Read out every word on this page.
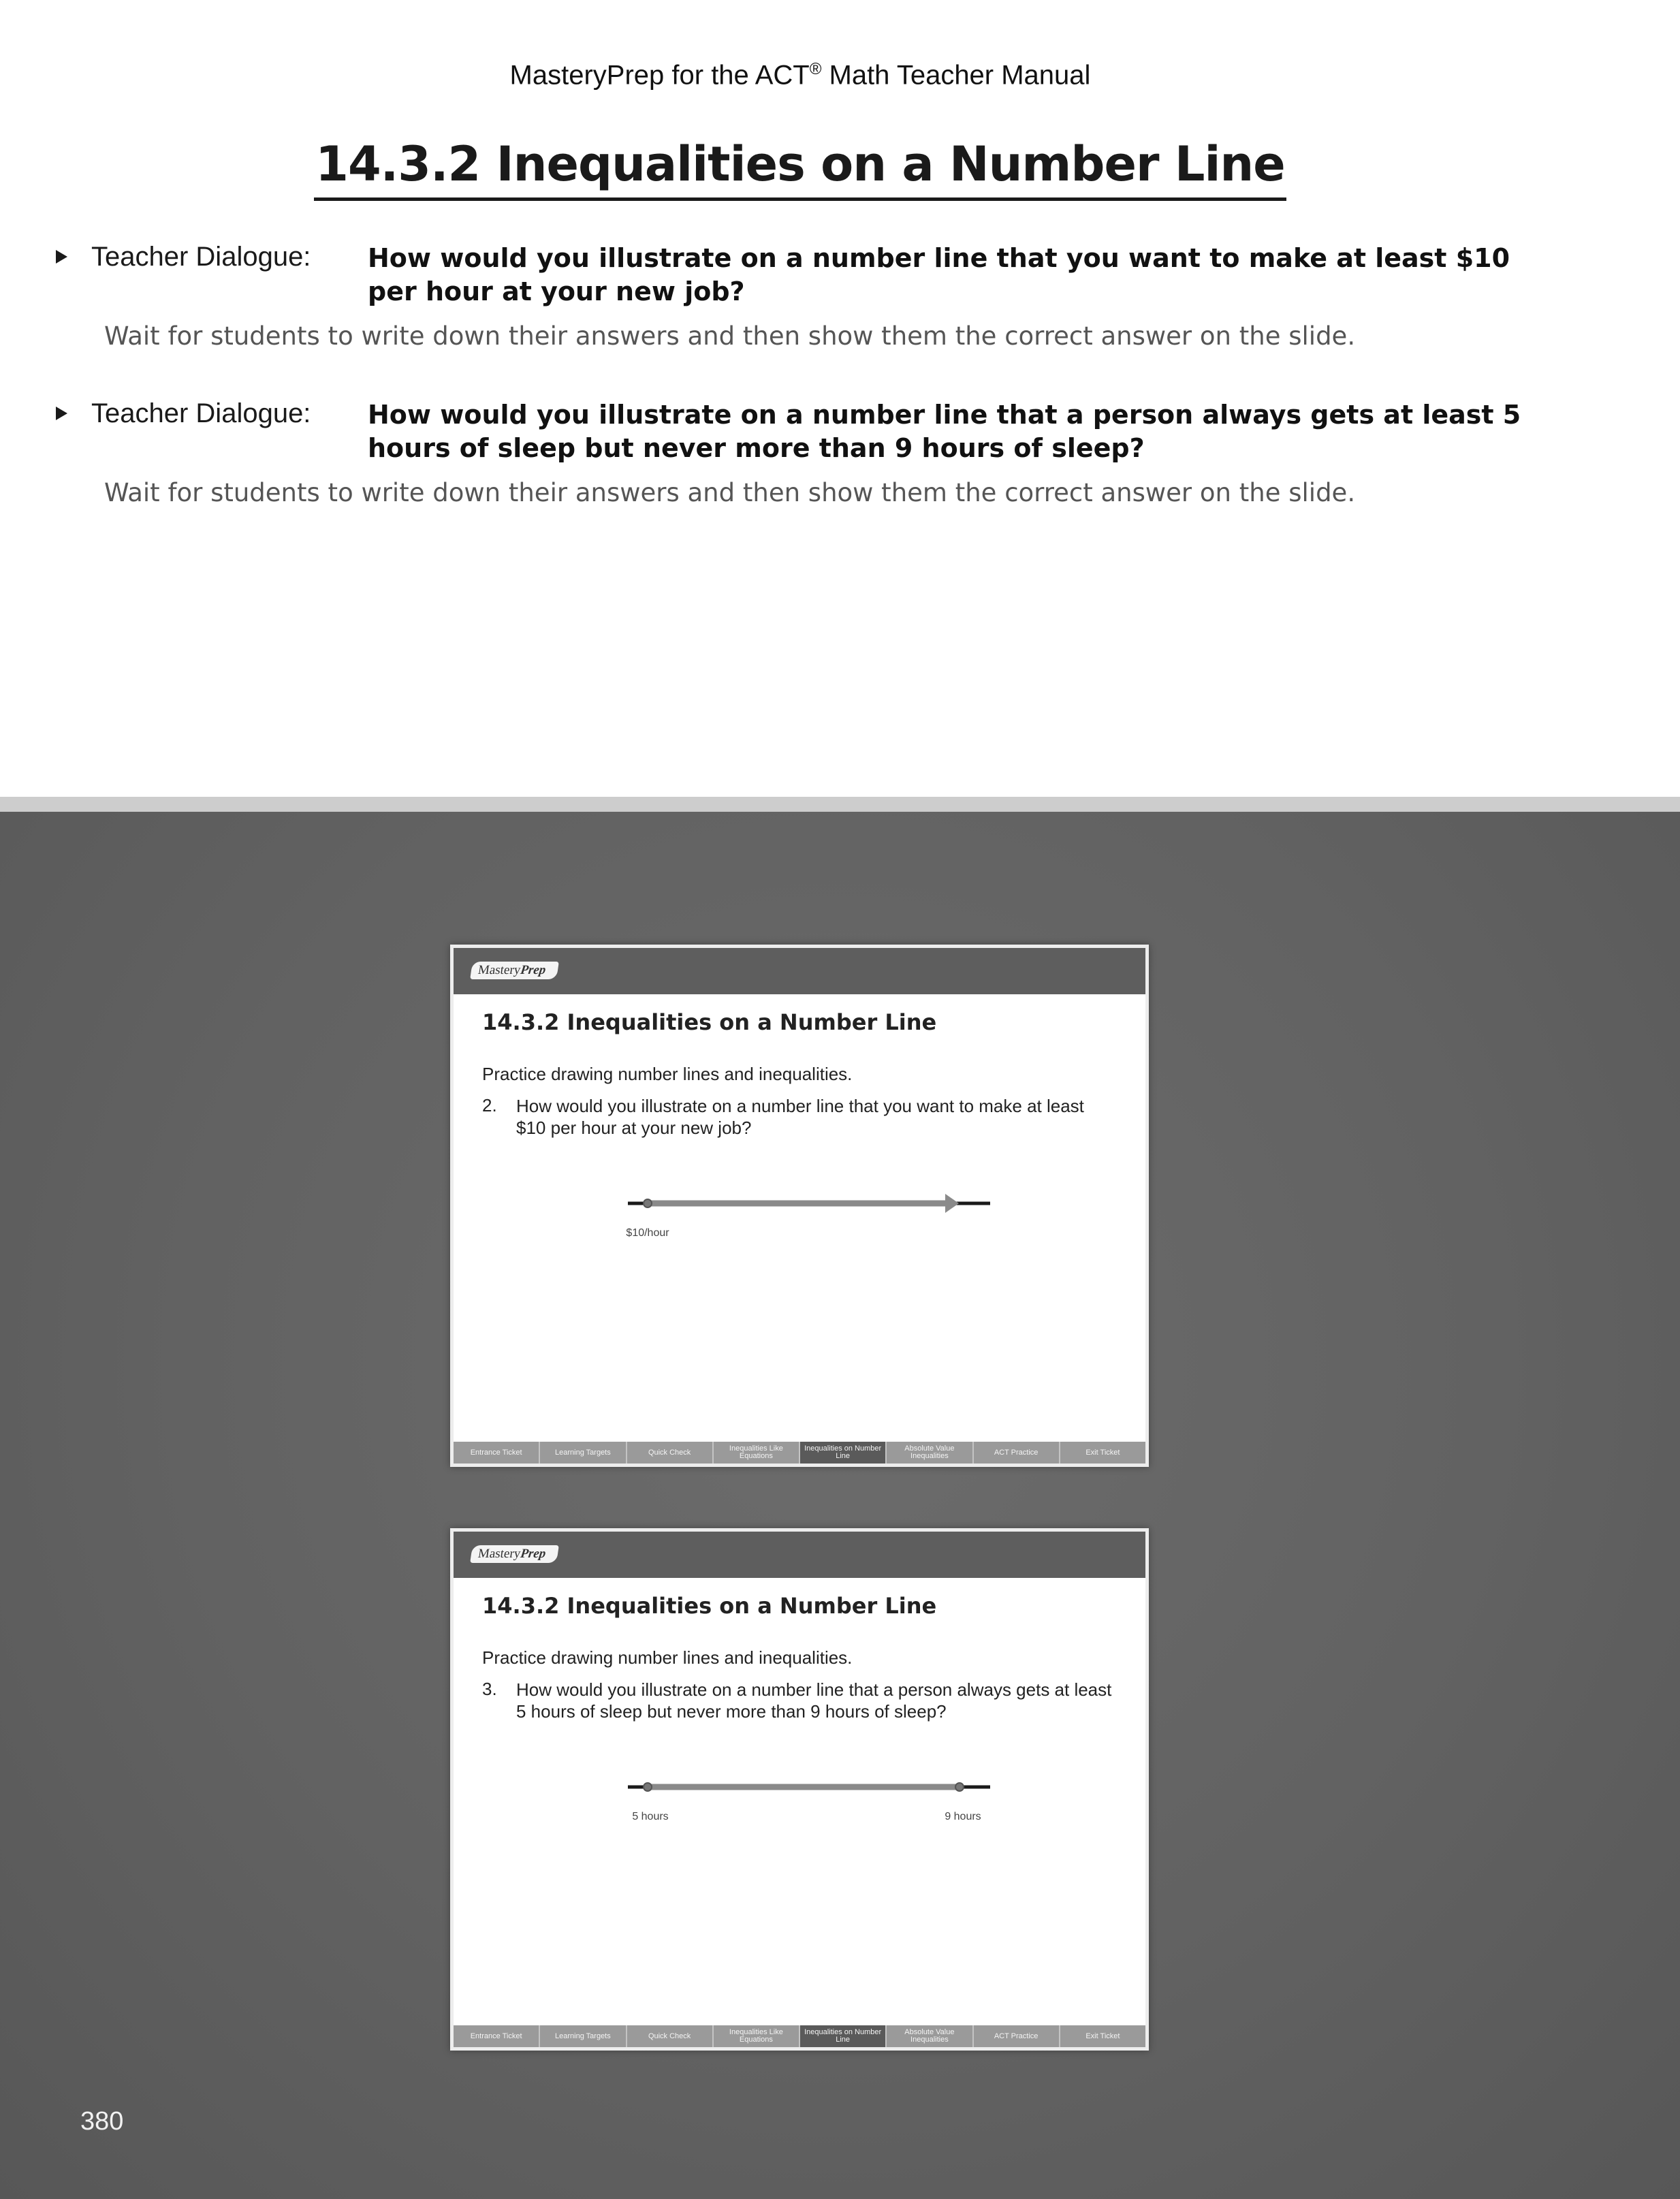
MasteryPrep for the ACT® Math Teacher Manual
14.3.2 Inequalities on a Number Line
Teacher Dialogue: How would you illustrate on a number line that you want to make at least $10 per hour at your new job?
Wait for students to write down their answers and then show them the correct answer on the slide.
Teacher Dialogue: How would you illustrate on a number line that a person always gets at least 5 hours of sleep but never more than 9 hours of sleep?
Wait for students to write down their answers and then show them the correct answer on the slide.
MasteryPrep
14.3.2 Inequalities on a Number Line
Practice drawing number lines and inequalities.
2. How would you illustrate on a number line that you want to make at least $10 per hour at your new job?
$10/hour
Entrance Ticket	Learning Targets	Quick Check	Inequalities Like Equations
Inequalities on Number Line
Absolute Value Inequalities	ACT Practice	Exit Ticket
MasteryPrep
14.3.2 Inequalities on a Number Line
Practice drawing number lines and inequalities.
3. How would you illustrate on a number line that a person always gets at least 5 hours of sleep but never more than 9 hours of sleep?
5 hours	9 hours
Entrance Ticket	Learning Targets	Quick Check	Inequalities Like Equations
Inequalities on Number Line
Absolute Value Inequalities	ACT Practice	Exit Ticket
380
